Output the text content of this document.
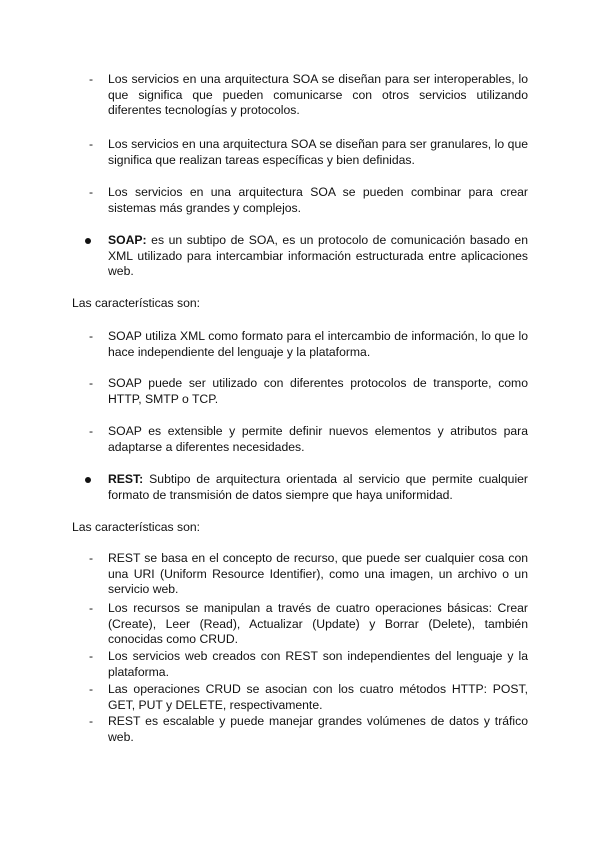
-	Los servicios en una arquitectura SOA se diseñan para ser interoperables, lo que significa que pueden comunicarse con otros servicios utilizando diferentes tecnologías y protocolos.
-	Los servicios en una arquitectura SOA se diseñan para ser granulares, lo que significa que realizan tareas específicas y bien definidas.
-	Los servicios en una arquitectura SOA se pueden combinar para crear sistemas más grandes y complejos.
SOAP: es un subtipo de SOA, es un protocolo de comunicación basado en XML utilizado para intercambiar información estructurada entre aplicaciones web.
Las características son:
-	SOAP utiliza XML como formato para el intercambio de información, lo que lo hace independiente del lenguaje y la plataforma.
-	SOAP puede ser utilizado con diferentes protocolos de transporte, como HTTP, SMTP o TCP.
-	SOAP es extensible y permite definir nuevos elementos y atributos para adaptarse a diferentes necesidades.
REST: Subtipo de arquitectura orientada al servicio que permite cualquier formato de transmisión de datos siempre que haya uniformidad.
Las características son:
-	REST se basa en el concepto de recurso, que puede ser cualquier cosa con una URI (Uniform Resource Identifier), como una imagen, un archivo o un servicio web.
-	Los recursos se manipulan a través de cuatro operaciones básicas: Crear (Create), Leer (Read), Actualizar (Update) y Borrar (Delete), también conocidas como CRUD.
-	Los servicios web creados con REST son independientes del lenguaje y la plataforma.
-	Las operaciones CRUD se asocian con los cuatro métodos HTTP: POST, GET, PUT y DELETE, respectivamente.
-	REST es escalable y puede manejar grandes volúmenes de datos y tráfico web.
